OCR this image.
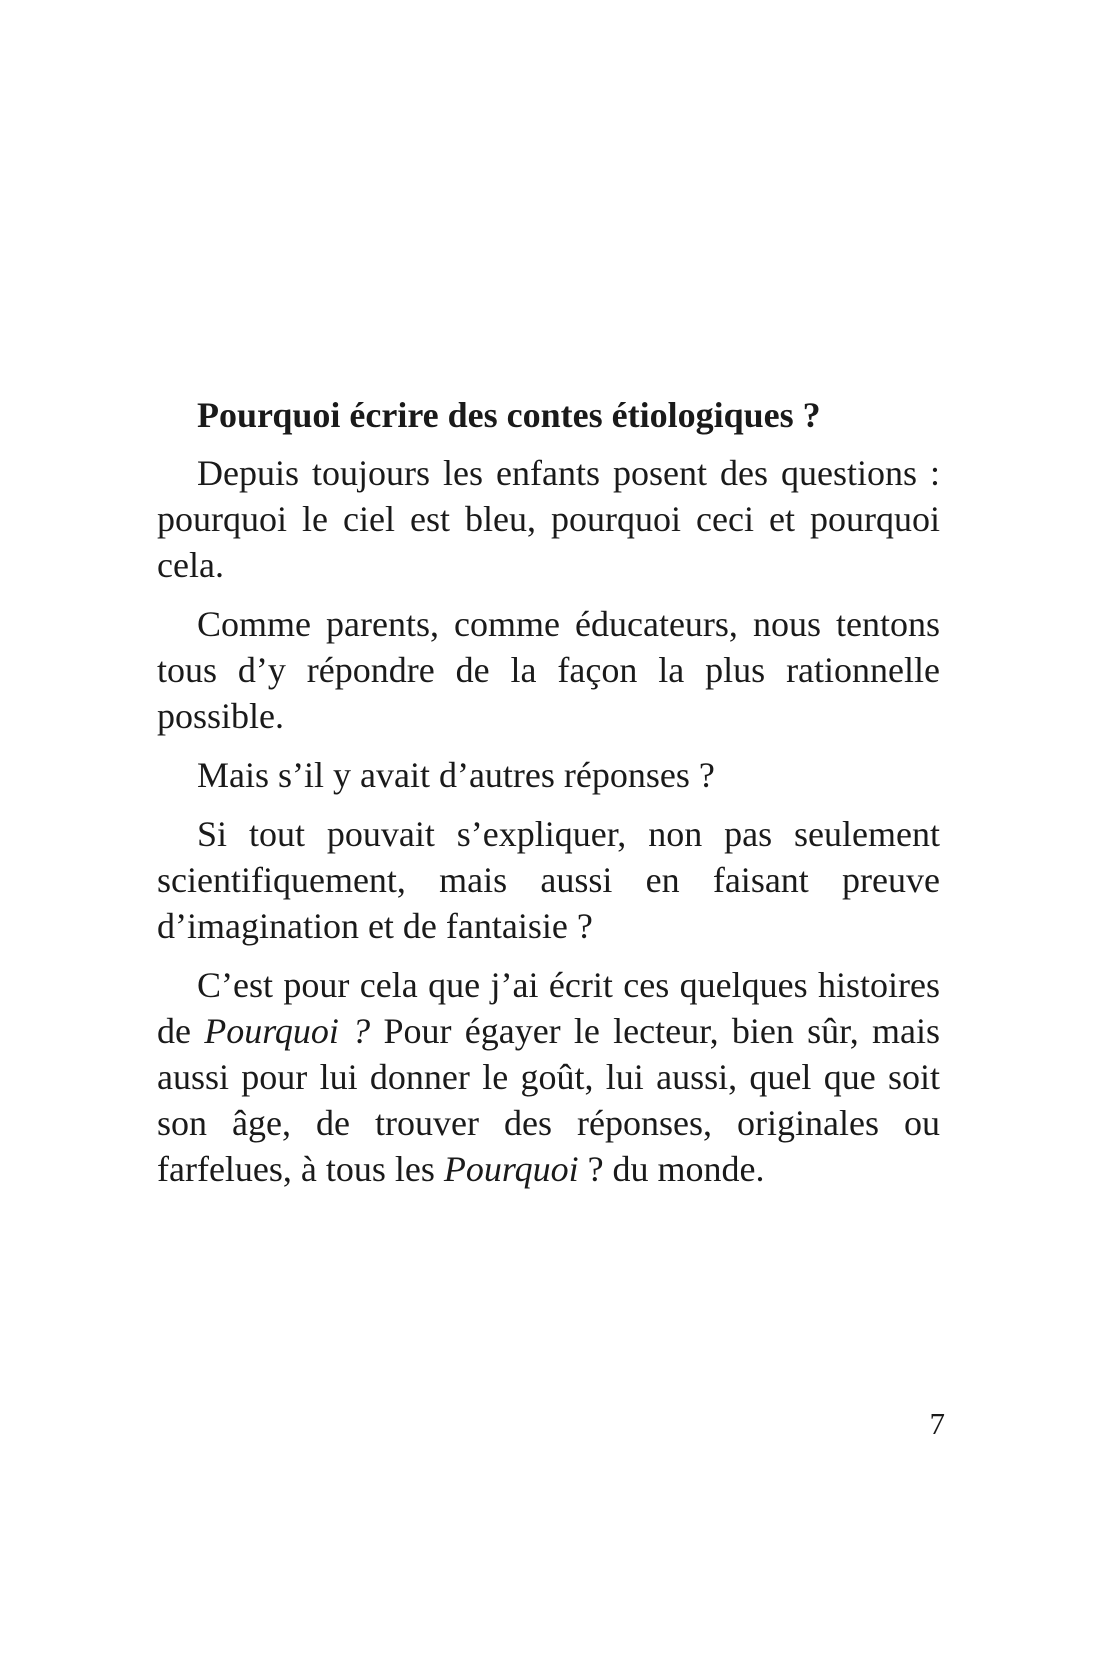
Pourquoi écrire des contes étiologiques ?

Depuis toujours les enfants posent des questions : pourquoi le ciel est bleu, pourquoi ceci et pourquoi cela.

Comme parents, comme éducateurs, nous tentons tous d’y répondre de la façon la plus rationnelle possible.

Mais s’il y avait d’autres réponses ?

Si tout pouvait s’expliquer, non pas seulement scientifiquement, mais aussi en faisant preuve d’imagination et de fantaisie ?

C’est pour cela que j’ai écrit ces quelques histoires de Pourquoi ? Pour égayer le lecteur, bien sûr, mais aussi pour lui donner le goût, lui aussi, quel que soit son âge, de trouver des réponses, originales ou farfelues, à tous les Pourquoi ? du monde.

7
